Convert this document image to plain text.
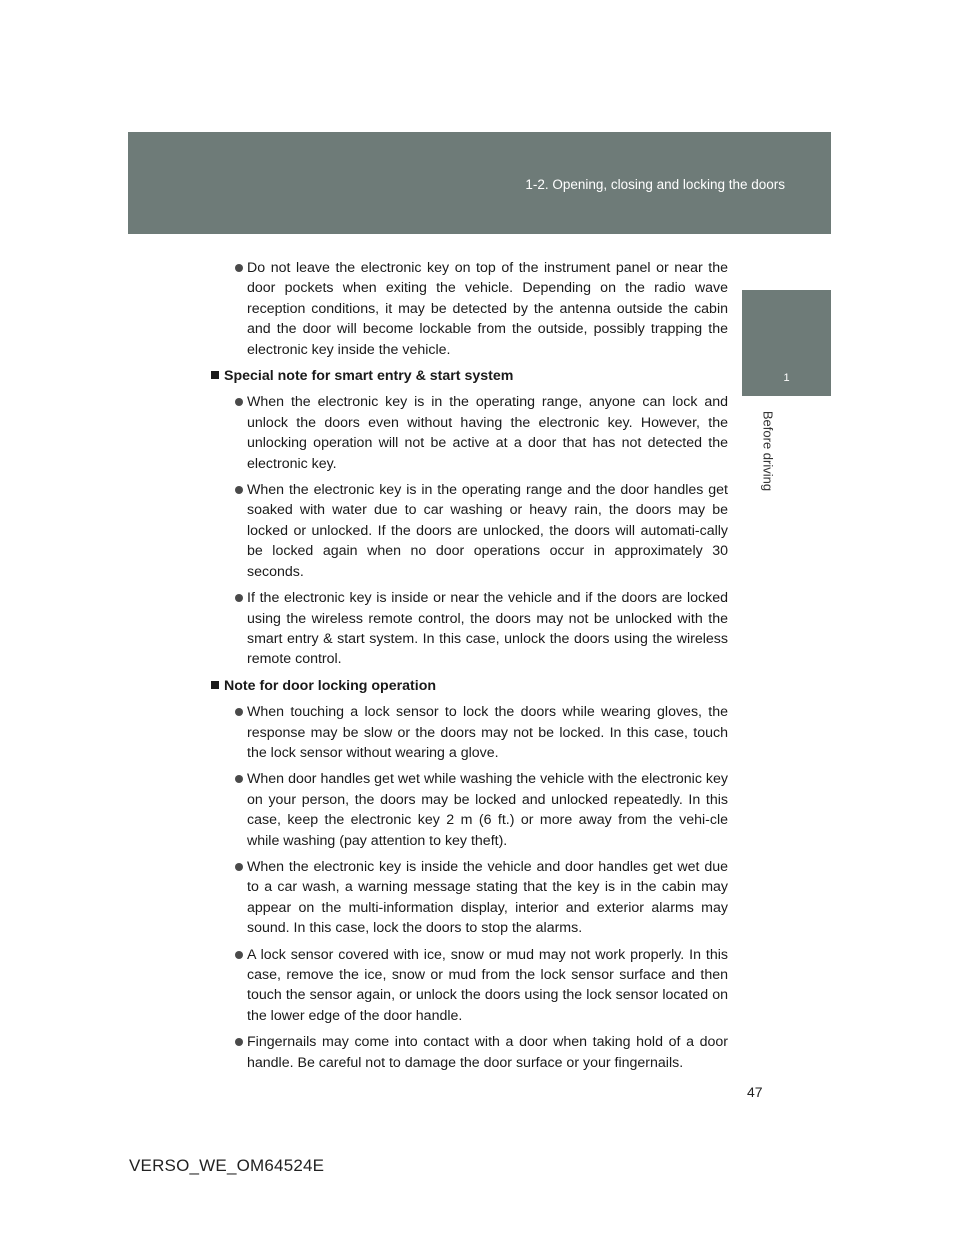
1-2. Opening, closing and locking the doors
1
Before driving
Do not leave the electronic key on top of the instrument panel or near the door pockets when exiting the vehicle. Depending on the radio wave reception conditions, it may be detected by the antenna outside the cabin and the door will become lockable from the outside, possibly trapping the electronic key inside the vehicle.
Special note for smart entry & start system
When the electronic key is in the operating range, anyone can lock and unlock the doors even without having the electronic key. However, the unlocking operation will not be active at a door that has not detected the electronic key.
When the electronic key is in the operating range and the door handles get soaked with water due to car washing or heavy rain, the doors may be locked or unlocked. If the doors are unlocked, the doors will automati-cally be locked again when no door operations occur in approximately 30 seconds.
If the electronic key is inside or near the vehicle and if the doors are locked using the wireless remote control, the doors may not be unlocked with the smart entry & start system. In this case, unlock the doors using the wireless remote control.
Note for door locking operation
When touching a lock sensor to lock the doors while wearing gloves, the response may be slow or the doors may not be locked. In this case, touch the lock sensor without wearing a glove.
When door handles get wet while washing the vehicle with the electronic key on your person, the doors may be locked and unlocked repeatedly. In this case, keep the electronic key 2 m (6 ft.) or more away from the vehi-cle while washing (pay attention to key theft).
When the electronic key is inside the vehicle and door handles get wet due to a car wash, a warning message stating that the key is in the cabin may appear on the multi-information display, interior and exterior alarms may sound. In this case, lock the doors to stop the alarms.
A lock sensor covered with ice, snow or mud may not work properly. In this case, remove the ice, snow or mud from the lock sensor surface and then touch the sensor again, or unlock the doors using the lock sensor located on the lower edge of the door handle.
Fingernails may come into contact with a door when taking hold of a door handle. Be careful not to damage the door surface or your fingernails.
47
VERSO_WE_OM64524E
